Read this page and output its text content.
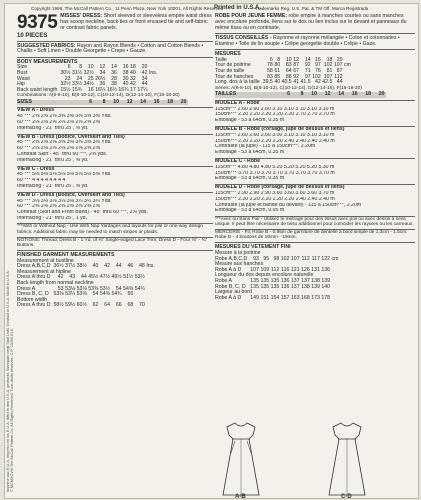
Imprimé aux E.U.A. Impreso en los E.U.A. Wird in den U.S.A. gedruckt. Stampato negli Stati Uniti. Gedrukt in U.S.A. Made in U.S.A. © MCMXCVIII The McCall Pattern Co. All Rights Reserved. Tous droits réservés. C.P. 03400 ELS
Copyright 1998, The McCall Pattern Co., 11 Penn Plaza, New York 10001, All Rights Reserved
Printed in U.S.A.
Trademarks Reg. U.S. Pat. & TM Off. Marca Registrada
9375
10 PIECES
MISSES' DRESS: Short sleeved or sleeveless empire waist dress has scoop neckline, back ties or front encased tie and self-fabric or contrast fabric panels.
SUGGESTED FABRICS: Rayon and Rayon Blends • Cotton and Cotton Blends • Challis • Soft Linen • Double Georgette • Crepe • Gauze.
BODY MEASUREMENTS
Size	6	8	10	12	14	16	18	20	
Bust	30½	31½	32½	34	36	38	40	42	Ins.
Waist	23	24	25	26½	28	30	32	34	
Hip	32½	33½	34½	36	38	40	42	44	
Back waist length	15½	15¾	16	16¼	16½	16¾	17	17¼	
Combinations: A(6-8-10), B(8-10-12), C(10-12-14), D(12-14-16), F(16-18-20)
SIZES	6	8	10	12	14	16	18	20
VIEW A - Dress
45"*** 2⅜ 2⅜ 2⅜ 3⅜ 3⅜ 3⅜ 3⅜ 3⅜ Yds.
60"*** 2⅛ 2⅛ 2⅛ 2⅛ 2⅛ 2⅛ 2⅝ 2⅝
Interfacing - 21" thru 25", ⅜ yd.
VIEW B - Dress (Bodice, Overskirt and Ties)
45"*** 2⅜ 2⅜ 2⅜ 3⅜ 3⅜ 3⅜ 3⅜ 3⅜ Yds.
60"*** 2⅛ 2⅛ 2⅛ 2⅛ 2⅛ 2⅛ 2⅝ 2⅝
Contrast Skirt - 45" thru 60"***, 2⅜ yds.
Interfacing - 21" thru 25", ⅜ yd.
VIEW C - Dress
45"*** 5⅛ 5⅛ 5⅛ 5⅛ 5⅛ 5⅛ 5⅛ 5⅝ Yds.
60"*** 4 4 4 4 4 4 4 4
Interfacing - 21" thru 25", ⅜ yd.
VIEW D - Dress (Bodice, Overskirt and Ties)
45"*** 3⅛ 3⅛ 3⅛ 3⅛ 3⅛ 3¼ 3¼ 3¼ Yds.
60"*** 2⅜ 2⅜ 2⅜ 2⅜ 2⅜ 2⅝ 2⅝ 2⅝
Contrast (Skirt and Front Band) - 45" thru 60"***, 2⅞ yds.
Interfacing - 21" thru 25", 1 yd.
***With or Without Nap - Use With Nap Yardages and layouts for pile or one-way design fabrics. Additional fabric may be needed to match stripes or plaids.
NOTIONS: Thread; Dress B - 1 Yd. of ⅜" Single-edged Lace Trim; Dress D - Four ⅝" - ¾" Buttons.
FINISHED GARMENT MEASUREMENTS
Measurement at bustline									
Dress A,B,C,D	36½	37½	38½	40	42	44	46	48	Ins.
Measurement at hipline									
Dress A thru D	42	43	44	45½	47½	49½	51½	53½	
Back length from normal neckline									
Dress A	53	53⅛	53⅛	53⅜	53½	54	54⅜	54¾	
Dress B, C, D	53⅛	53¼	53⅜	54	54⅜	54¾	55		
Bottom width									
Dress A thru D	58½	59½	60½	62	64	66	68	70	
ROBE POUR JEUNE FEMME: robe empire à manches courtes ou sans manches avec encolure profonde, liens sur le dos ou lien inclus sur le devant et panneaux du même tissu ou en contraste.
TISSUS CONSEILLÉS - Rayonne et rayonne mélangée • Coton et cotonnades • Étamine • Toile de lin souple • Crêpe georgette double • Crêpe • Gaze.
MESURES
Taille	6	8	10	12	14	16	18	20	
Tour de poitrine	78	80	83	87	92	97	102	107	cm
Tour de taille	58	61	64	67	71	76	81	87	
Tour de hanches	83	85	88	92	97	102	107	112	
Long. dos à la taille	39.5	40	40.5	41	41.5	42	42.5	44	
Séries: A(6-8-10), B(8-10-12), C(10-12-14), D(12-14-16), F(16-18-20)
TAILLES	6	8	10	12	14	16	18	20
MODELE A - Robe
115cm*** 2.60 2.60 2.60 3.10 3.10 3.10 3.10 3.10 m
150cm*** 2.20 2.20 2.20 2.20 2.20 2.70 2.70 2.70 m
Entoilage - 53 à 64cm, 0.35 m
MODELE B - Robe (corsage, jupe de dessus et liens)
115cm*** 2.60 2.60 2.60 3.00 3.10 3.10 3.10 3.10 m
150cm*** 2.20 2.20 2.20 2.20 2.40 2.40 2.40 2.40 m
Contraste (la jupe) - 115 à 150cm***, 2.20m
Entoilage - 53 à 64cm, 0.35 m
MODELE C - Robe
115cm*** 4.80 4.80 4.80 5.20 5.20 5.20 5.20 5.30 m
150cm*** 3.70 3.70 3.70 3.70 3.70 3.70 3.70 3.70 m
Entoilage - 53 à 64cm, 0.35 m
MODELE D - Robe (corsage, jupe de dessus et liens)
115cm*** 2.90 2.90 2.90 3.60 3.60 3.60 3.60 3.70 m
150cm*** 2.20 2.20 2.20 2.20 2.20 2.40 2.40 2.40 m
Contraste (la jupe et bande du devant) - 115 à 150cm***, 2.20m
Entoilage - 53 à 64cm, 0.95 m
***Avec ou Sans Poil - Utilisez le métrage pour des tissus avec poil ou avec dessin à sens unique. Il peut être nécessaire de tissu additionnel pour coïncider les rayures ou les carreaux.
MERCERIE - Fil; Robe B - 0.95m de garniture de dentelle à bord simple de 1.3cm - 1.5cm. Robe D - 4 boutons de 16mm - 19mm.
MESURES DU VETEMENT FINI
Mesure à la poitrine									
Robe A,B,C,D	93	95	98	102	107	112	117	122	cm
Mesure aux hanches									
Robe A à D	107	109	112	116	121	126	131	136	
Longueur du dos depuis encolure naturelle									
Robe A	135	135	135	136	137	137	138	139	
Robe B, C, D	135	135	135	136	137	138	139	140	
Largeur au bord									
Robe A à D	149	151	154	157	163	168	173	178	
A-B	C-D
